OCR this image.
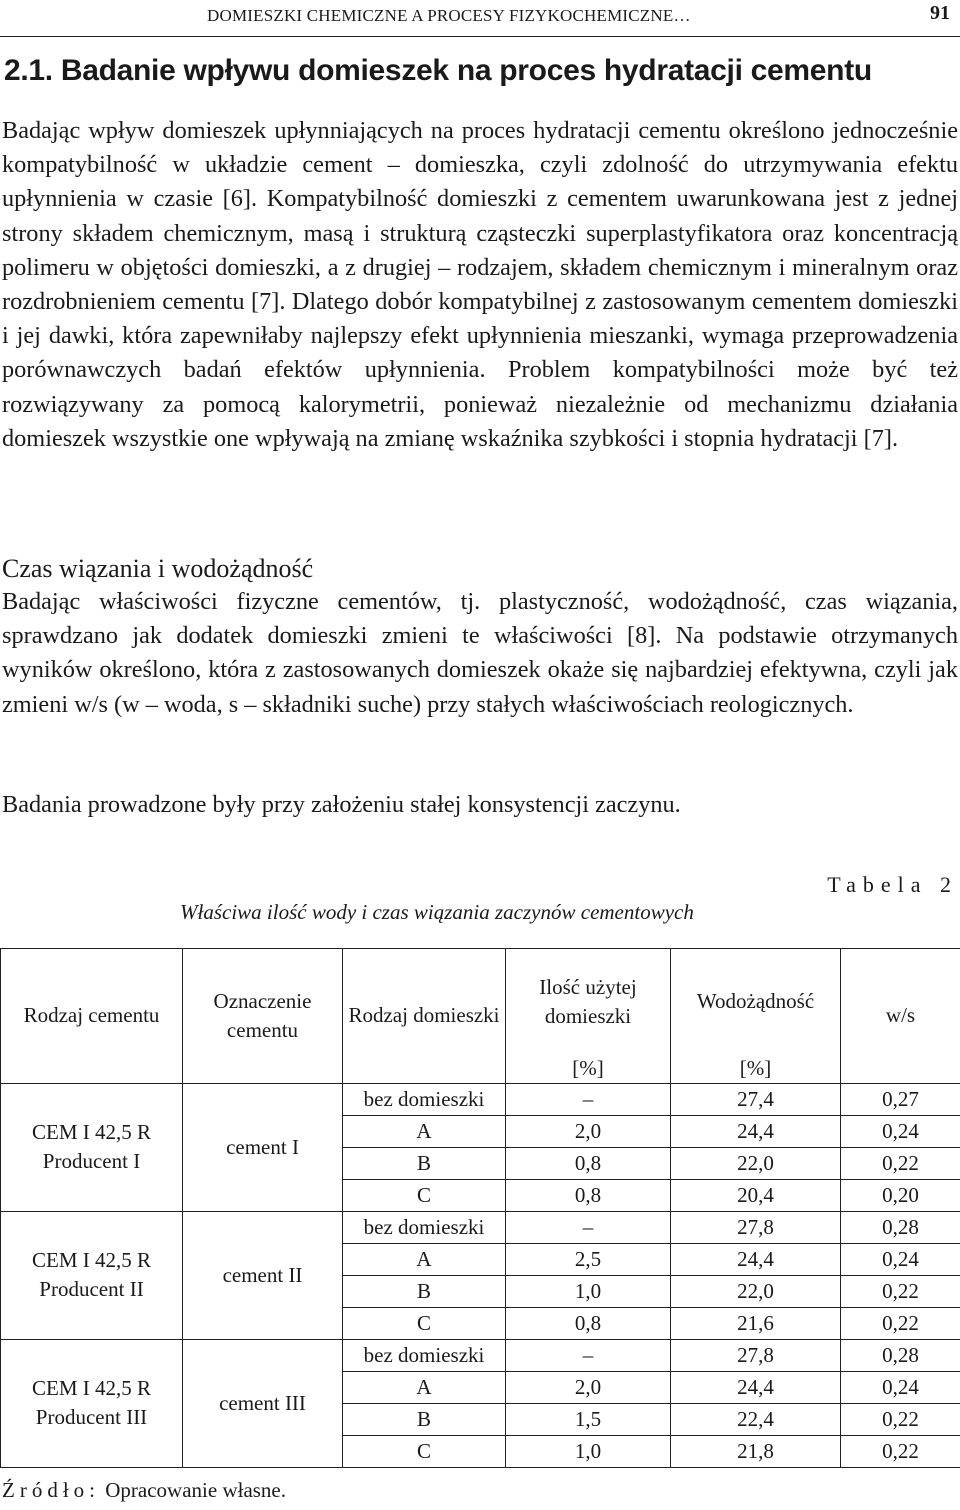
DOMIESZKI CHEMICZNE A PROCESY FIZYKOCHEMICZNE…	91
2.1. Badanie wpływu domieszek na proces hydratacji cementu

Badając wpływ domieszek upłynniających na proces hydratacji cementu określono jednocześnie kompatybilność w układzie cement – domieszka, czyli zdolność do utrzymywania efektu upłynnienia w czasie [6]. Kompatybilność domieszki z cementem uwarunkowana jest z jednej strony składem chemicznym, masą i strukturą cząsteczki superplastyfikatora oraz koncentracją polimeru w objętości domieszki, a z drugiej – rodzajem, składem chemicznym i mineralnym oraz rozdrobnieniem cementu [7]. Dlatego dobór kompatybilnej z zastosowanym cementem domieszki i jej dawki, która zapewniłaby najlepszy efekt upłynnienia mieszanki, wymaga przeprowadzenia porównawczych badań efektów upłynnienia. Problem kompatybilności może być też rozwiązywany za pomocą kalorymetrii, ponieważ niezależnie od mechanizmu działania domieszek wszystkie one wpływają na zmianę wskaźnika szybkości i stopnia hydratacji [7].

Czas wiązania i wodożądność

Badając właściwości fizyczne cementów, tj. plastyczność, wodożądność, czas wiązania, sprawdzano jak dodatek domieszki zmieni te właściwości [8]. Na podstawie otrzymanych wyników określono, która z zastosowanych domieszek okaże się najbardziej efektywna, czyli jak zmieni w/s (w – woda, s – składniki suche) przy stałych właściwościach reologicznych.

Badania prowadzone były przy założeniu stałej konsystencji zaczynu.

Tabela 2
Właściwa ilość wody i czas wiązania zaczynów cementowych
Rodzaj cementu	Oznaczenie cementu	Rodzaj domieszki	Ilość użytej domieszki	Wodożądność	w/s
			[%]	[%]	

CEM I 42,5 R
Producent I	cement I	bez domieszki	–	27,4	0,27
		A	2,0	24,4	0,24
		B	0,8	22,0	0,22
		C	0,8	20,4	0,20

CEM I 42,5 R
Producent II	cement II	bez domieszki	–	27,8	0,28
		A	2,5	24,4	0,24
		B	1,0	22,0	0,22
		C	0,8	21,6	0,22

CEM I 42,5 R
Producent III	cement III	bez domieszki	–	27,8	0,28
		A	2,0	24,4	0,24
		B	1,5	22,4	0,22
		C	1,0	21,8	0,22
Źródło: Opracowanie własne.
